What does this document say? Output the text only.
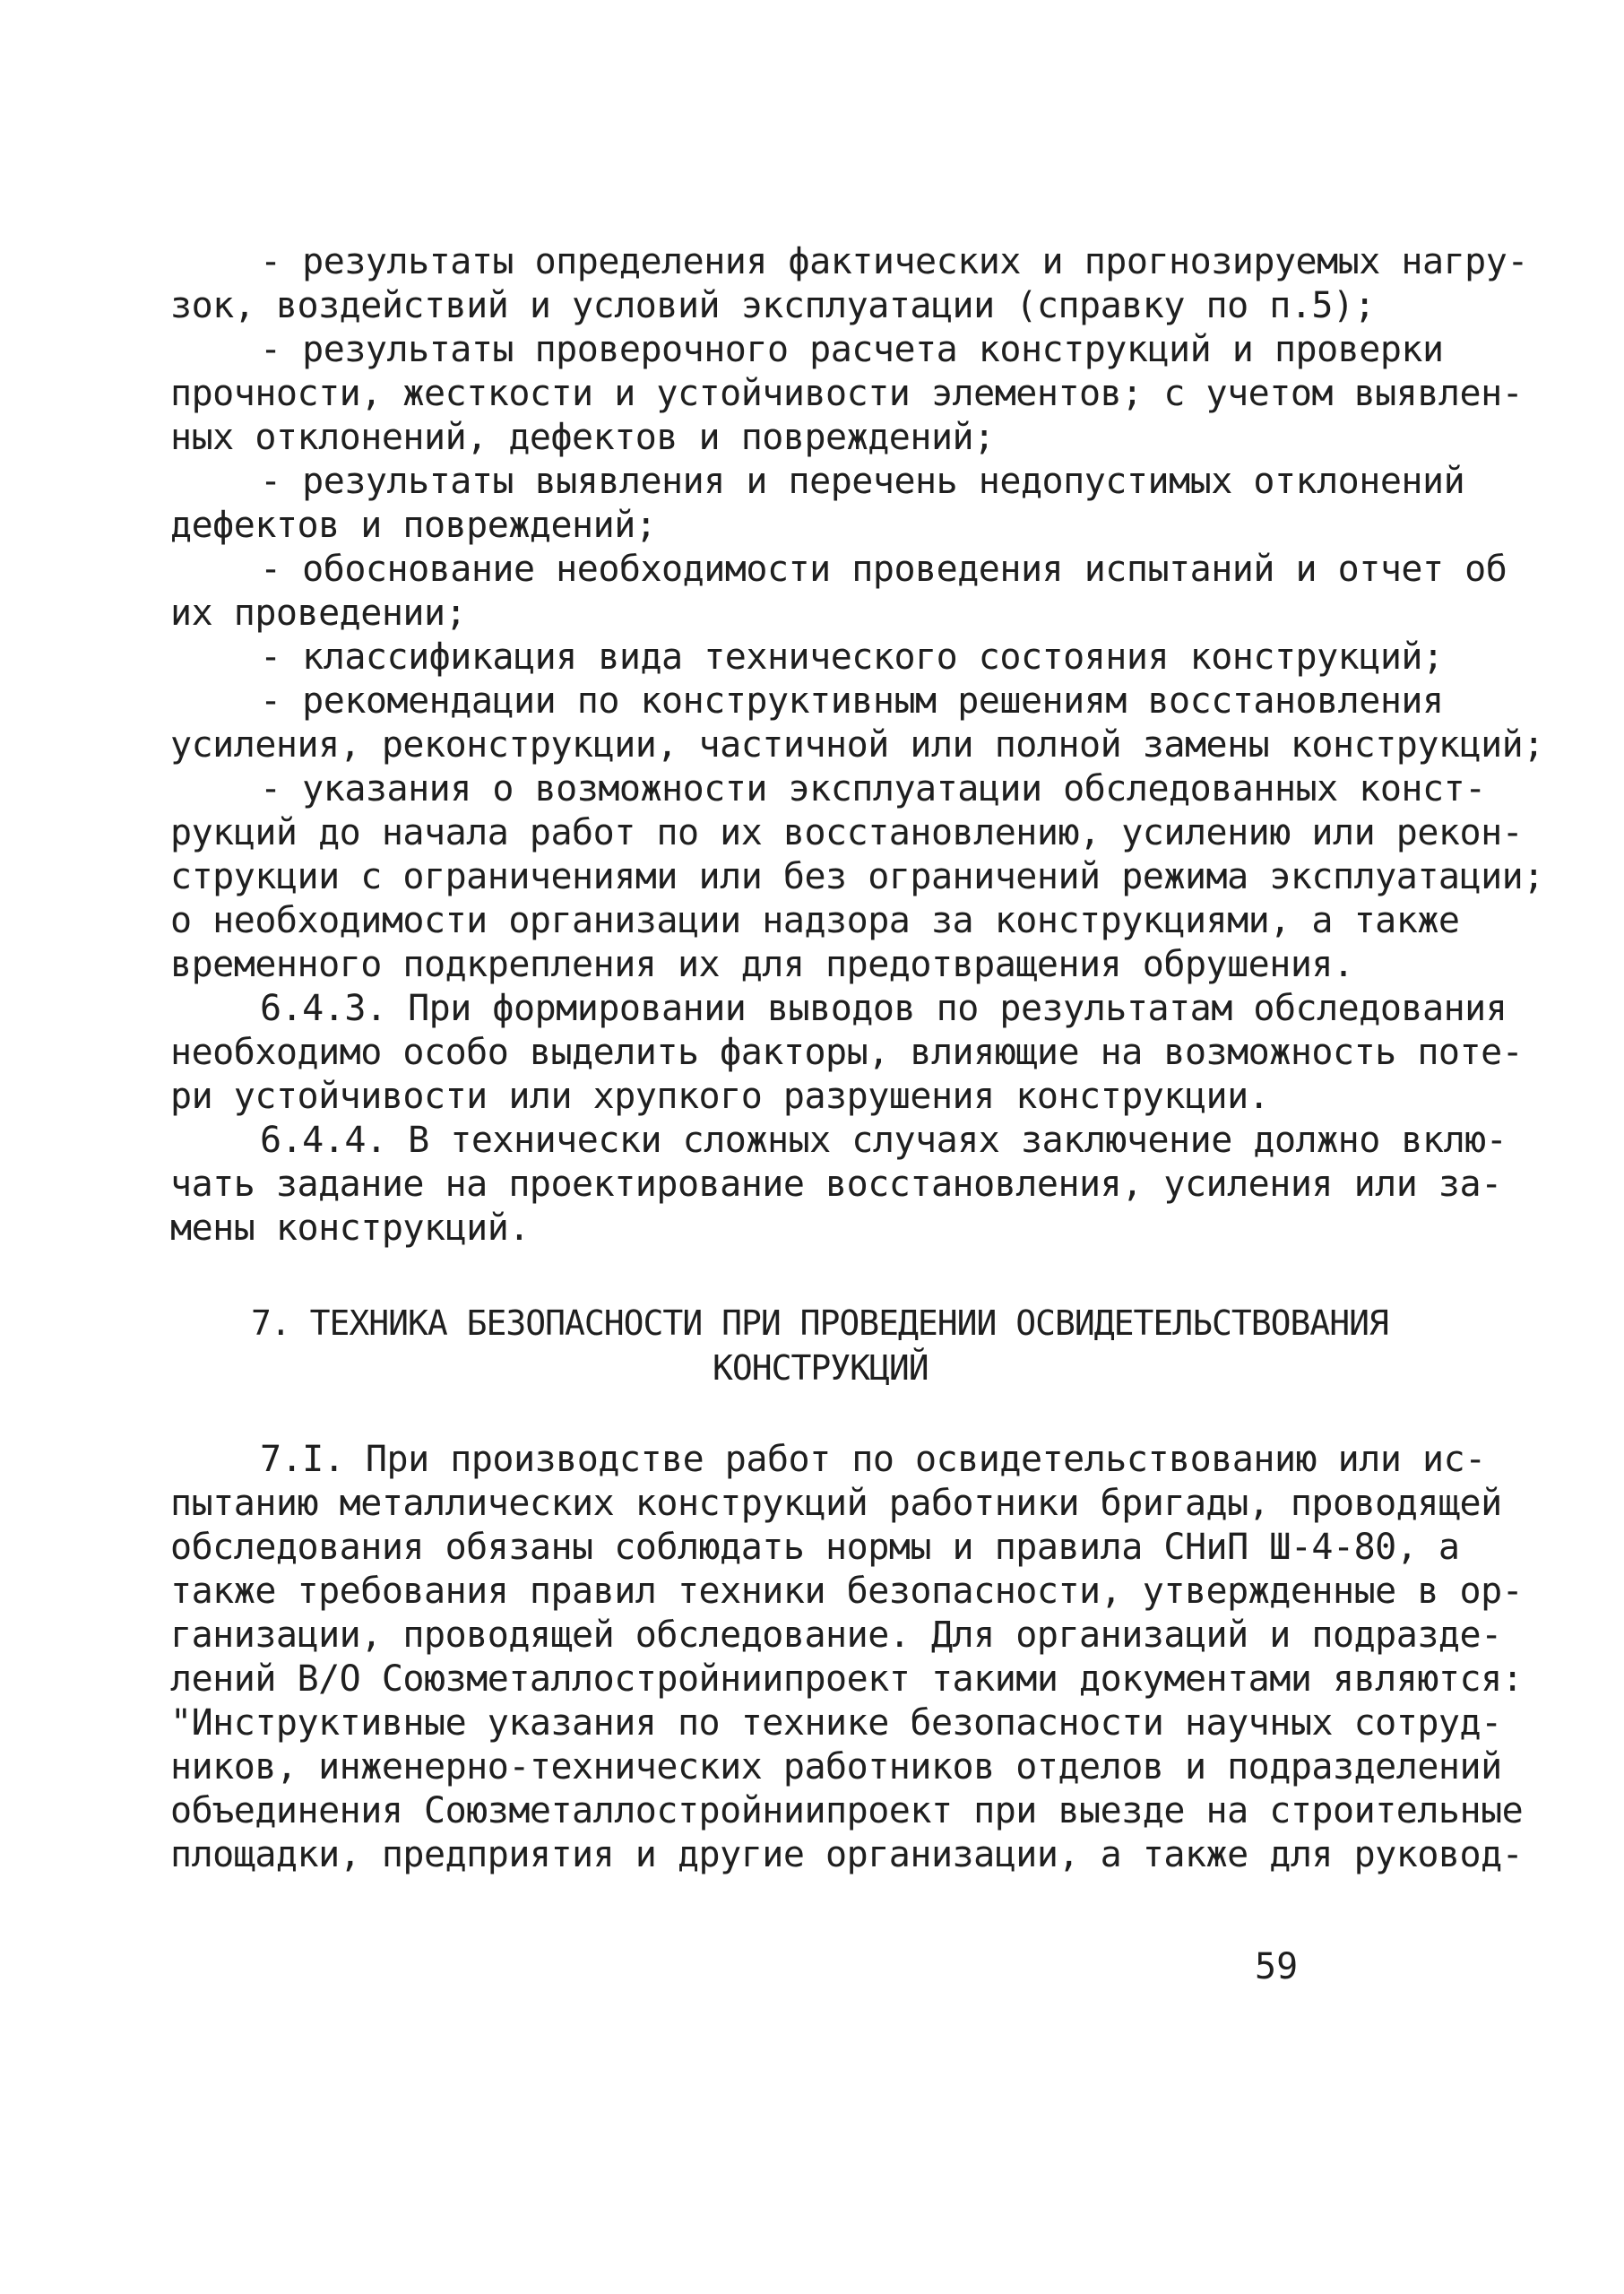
- результаты определения фактических и прогнозируемых нагру-
зок, воздействий и условий эксплуатации (справку по п.5);
- результаты проверочного расчета конструкций и проверки
прочности, жесткости и устойчивости элементов; с учетом выявлен-
ных отклонений, дефектов и повреждений;
- результаты выявления и перечень недопустимых отклонений
дефектов и повреждений;
- обоснование необходимости проведения испытаний и отчет об
их проведении;
- классификация вида технического состояния конструкций;
- рекомендации по конструктивным решениям восстановления
усиления, реконструкции, частичной или полной замены конструкций;
- указания о возможности эксплуатации обследованных конст-
рукций до начала работ по их восстановлению, усилению или рекон-
струкции с ограничениями или без ограничений режима эксплуатации;
о необходимости организации надзора за конструкциями, а также
временного подкрепления их для предотвращения обрушения.
6.4.3. При формировании выводов по результатам обследования
необходимо особо выделить факторы, влияющие на возможность поте-
ри устойчивости или хрупкого разрушения конструкции.
6.4.4. В технически сложных случаях заключение должно вклю-
чать задание на проектирование восстановления, усиления или за-
мены конструкций.
7. ТЕХНИКА БЕЗОПАСНОСТИ ПРИ ПРОВЕДЕНИИ ОСВИДЕТЕЛЬСТВОВАНИЯ
КОНСТРУКЦИЙ
7.I. При производстве работ по освидетельствованию или ис-
пытанию металлических конструкций работники бригады, проводящей
обследования обязаны соблюдать нормы и правила СНиП Ш-4-80, а
также требования правил техники безопасности, утвержденные в ор-
ганизации, проводящей обследование. Для организаций и подразде-
лений В/О Союзметаллостройниипроект такими документами являются:
"Инструктивные указания по технике безопасности научных сотруд-
ников, инженерно-технических работников отделов и подразделений
объединения Союзметаллостройниипроект при выезде на строительные
площадки, предприятия и другие организации, а также для руковод-
59
